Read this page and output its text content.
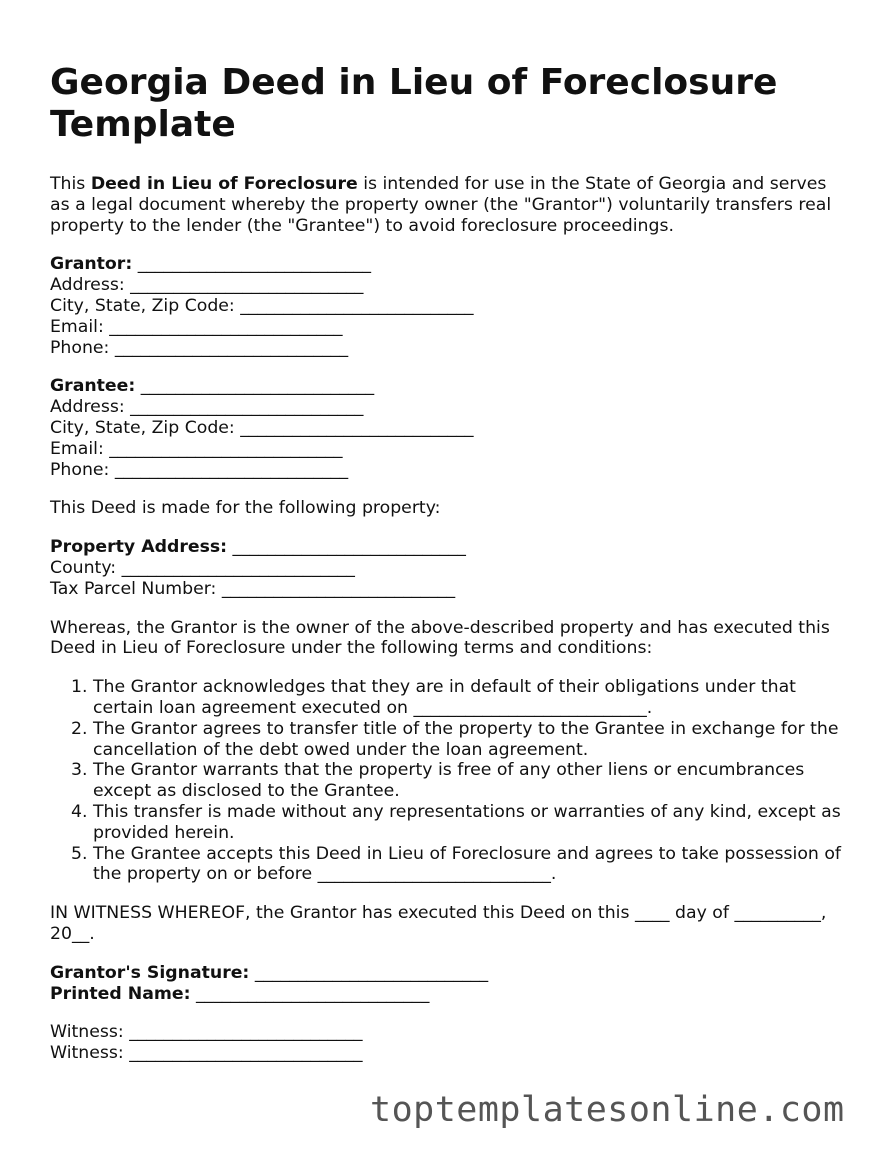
Georgia Deed in Lieu of Foreclosure Template

This Deed in Lieu of Foreclosure is intended for use in the State of Georgia and serves as a legal document whereby the property owner (the "Grantor") voluntarily transfers real property to the lender (the "Grantee") to avoid foreclosure proceedings.

Grantor: ___________________________
Address: ___________________________
City, State, Zip Code: ___________________________
Email: ___________________________
Phone: ___________________________
Grantee: ___________________________
Address: ___________________________
City, State, Zip Code: ___________________________
Email: ___________________________
Phone: ___________________________

This Deed is made for the following property:

Property Address: ___________________________
County: ___________________________
Tax Parcel Number: ___________________________

Whereas, the Grantor is the owner of the above-described property and has executed this Deed in Lieu of Foreclosure under the following terms and conditions:

1. The Grantor acknowledges that they are in default of their obligations under that certain loan agreement executed on ___________________________.
2. The Grantor agrees to transfer title of the property to the Grantee in exchange for the cancellation of the debt owed under the loan agreement.
3. The Grantor warrants that the property is free of any other liens or encumbrances except as disclosed to the Grantee.
4. This transfer is made without any representations or warranties of any kind, except as provided herein.
5. The Grantee accepts this Deed in Lieu of Foreclosure and agrees to take possession of the property on or before ___________________________.

IN WITNESS WHEREOF, the Grantor has executed this Deed on this ____ day of __________, 20__.

Grantor's Signature: ___________________________
Printed Name: ___________________________
Witness: ___________________________
Witness: ___________________________
toptemplatesonline.com
